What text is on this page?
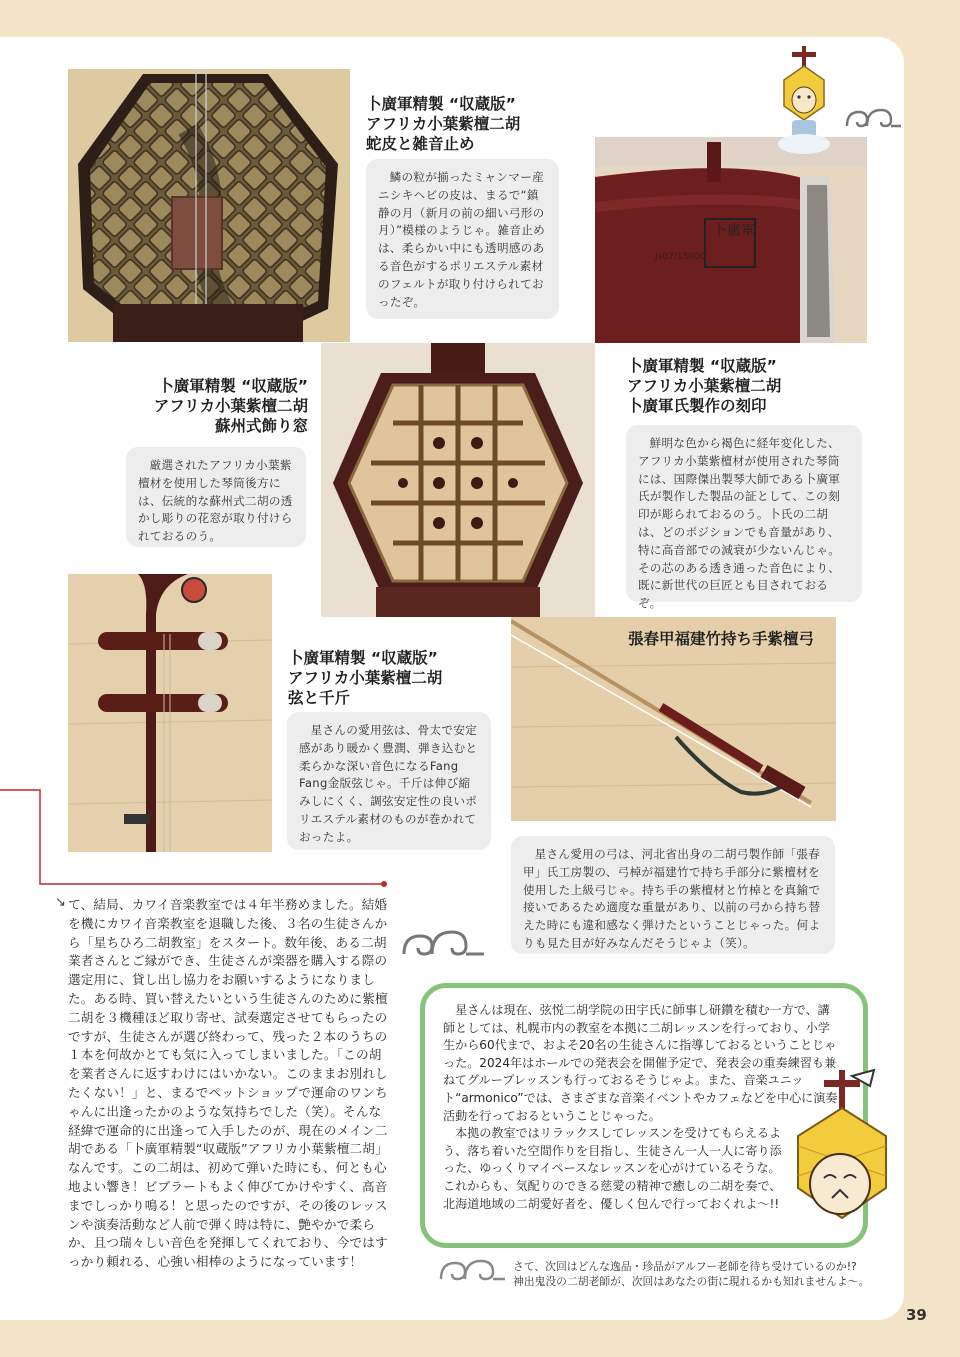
卜廣軍精製 “収蔵版”
アフリカ小葉紫檀二胡
蛇皮と雑音止め

鱗の粒が揃ったミャンマー産ニシキヘビの皮は、まるで“鎮静の月（新月の前の細い弓形の月）”模様のようじゃ。雑音止めは、柔らかい中にも透明感のある音色がするポリエステル素材のフェルトが取り付けられておったぞ。

卜廣軍
Js07/15000
卜廣軍精製 “収蔵版”
アフリカ小葉紫檀二胡
蘇州式飾り窓

厳選されたアフリカ小葉紫檀材を使用した琴筒後方には、伝統的な蘇州式二胡の透かし彫りの花窓が取り付けられておるのう。

卜廣軍精製 “収蔵版”
アフリカ小葉紫檀二胡
卜廣軍氏製作の刻印

鮮明な色から褐色に経年変化した、アフリカ小葉紫檀材が使用された琴筒には、国際傑出製琴大師である卜廣軍氏が製作した製品の証として、この刻印が彫られておるのう。卜氏の二胡は、どのポジションでも音量があり、特に高音部での減衰が少ないんじゃ。その芯のある透き通った音色により、既に新世代の巨匠とも目されておるぞ。

卜廣軍精製 “収蔵版”
アフリカ小葉紫檀二胡
弦と千斤

星さんの愛用弦は、骨太で安定感があり暖かく豊潤、弾き込むと柔らかな深い音色になるFang Fang金版弦じゃ。千斤は伸び縮みしにくく、調弦安定性の良いポリエステル素材のものが巻かれておったよ。

張春甲福建竹持ち手紫檀弓

星さん愛用の弓は、河北省出身の二胡弓製作師「張春甲」氏工房製の、弓棹が福建竹で持ち手部分に紫檀材を使用した上級弓じゃ。持ち手の紫檀材と竹棹とを真鍮で接いであるため適度な重量があり、以前の弓から持ち替えた時にも違和感なく弾けたということじゃった。何よりも見た目が好みなんだそうじゃよ（笑）。

↘ て、結局、カワイ音楽教室では４年半務めました。結婚を機にカワイ音楽教室を退職した後、３名の生徒さんから「星ちひろ二胡教室」をスタート。数年後、ある二胡業者さんとご縁ができ、生徒さんが楽器を購入する際の選定用に、貸し出し協力をお願いするようになりました。ある時、買い替えたいという生徒さんのために紫檀二胡を３機種ほど取り寄せ、試奏選定させてもらったのですが、生徒さんが選び終わって、残った２本のうちの１本を何故かとても気に入ってしまいました。「この胡を業者さんに返すわけにはいかない。このままお別れしたくない！」と、まるでペットショップで運命のワンちゃんに出逢ったかのような気持ちでした（笑）。そんな経緯で運命的に出逢って入手したのが、現在のメイン二胡である「卜廣軍精製“収蔵版”アフリカ小葉紫檀二胡」なんです。この二胡は、初めて弾いた時にも、何とも心地よい響き！ビブラートもよく伸びてかけやすく、高音までしっかり鳴る！と思ったのですが、その後のレッスンや演奏活動など人前で弾く時は特に、艶やかで柔らか、且つ瑞々しい音色を発揮してくれており、今ではすっかり頼れる、心強い相棒のようになっています！

星さんは現在、弦悦二胡学院の田宇氏に師事し研鑽を積む一方で、講師としては、札幌市内の教室を本拠に二胡レッスンを行っており、小学生から60代まで、およそ20名の生徒さんに指導しておるということじゃった。2024年はホールでの発表会を開催予定で、発表会の重奏練習も兼ねてグループレッスンも行っておるそうじゃよ。また、音楽ユニット“armonico”では、さまざまな音楽イベントやカフェなどを中心に演奏活動を行っておるということじゃった。

本拠の教室ではリラックスしてレッスンを受けてもらえるよう、落ち着いた空間作りを目指し、生徒さん一人一人に寄り添った、ゆっくりマイペースなレッスンを心がけているそうな。これからも、気配りのできる慈愛の精神で癒しの二胡を奏で、北海道地域の二胡愛好者を、優しく包んで行っておくれよ〜!!

さて、次回はどんな逸品・珍品がアルフー老師を待ち受けているのか!?
神出鬼没の二胡老師が、次回はあなたの街に現れるかも知れませんよ〜。
39
